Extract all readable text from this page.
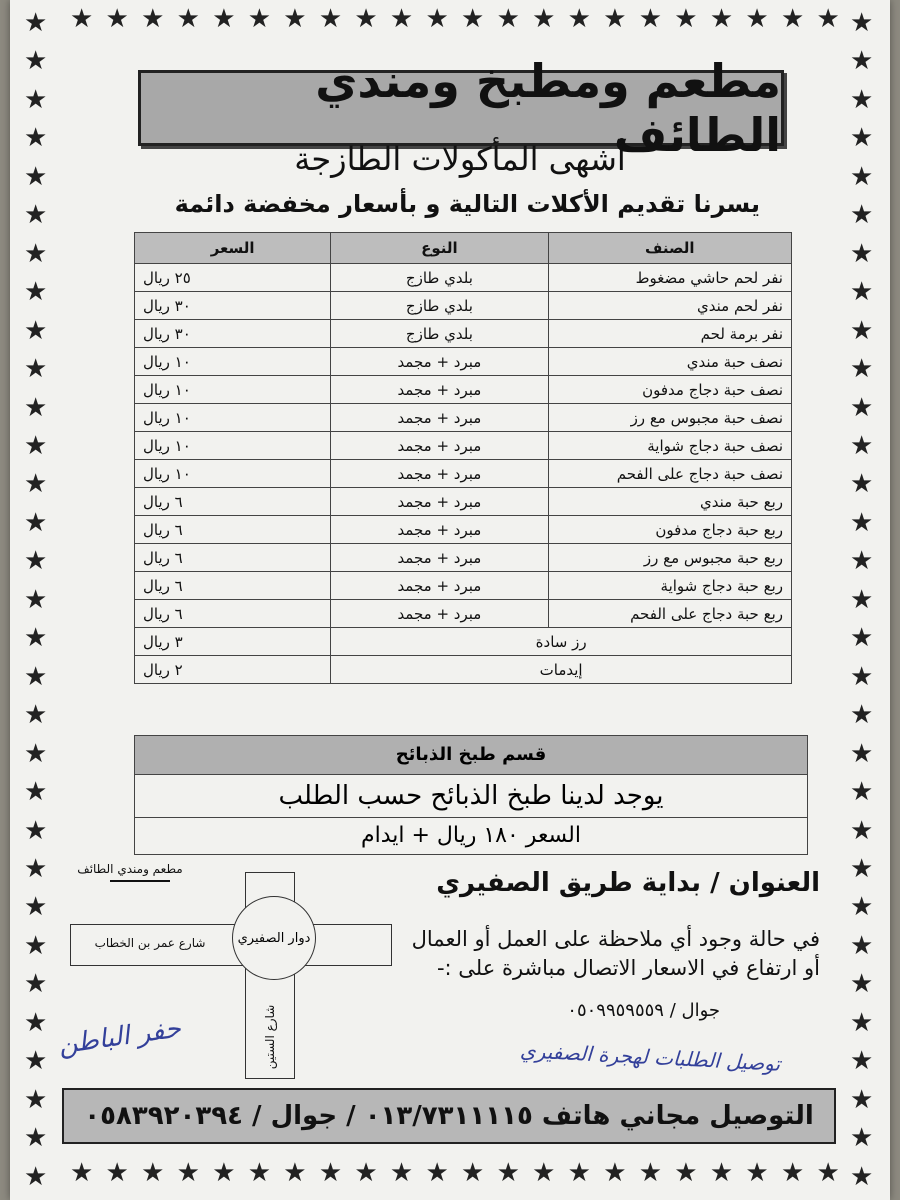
★ ★ ★ ★ ★ ★ ★ ★ ★ ★ ★ ★ ★ ★ ★ ★ ★ ★ ★ ★ ★ ★
★
★
★
★
★
★
★
★
★
★
★
★
★
★
★
★
★
★
★
★
★
★
★
★
★
★
★
★
★
★
★
★
★
★
★
★
★
★
★
★
★
★
★
★
★
★
★
★
★
★
★
★
★
★
★
★
★
★
★
★
★
★
★ ★ ★ ★ ★ ★ ★ ★ ★ ★ ★ ★ ★ ★ ★ ★ ★ ★ ★ ★ ★ ★
مطعم ومطبخ ومندي الطائف
أشهى المأكولات الطازجة
يسرنا تقديم الأكلات التالية و بأسعار مخفضة دائمة
الصنف	النوع	السعر
نفر لحم حاشي مضغوط	بلدي طازج	٢٥ ريال
نفر لحم مندي	بلدي طازج	٣٠ ريال
نفر برمة لحم	بلدي طازج	٣٠ ريال
نصف حبة مندي	مبرد + مجمد	١٠ ريال
نصف حبة دجاج مدفون	مبرد + مجمد	١٠ ريال
نصف حبة مجبوس مع رز	مبرد + مجمد	١٠ ريال
نصف حبة دجاج شواية	مبرد + مجمد	١٠ ريال
نصف حبة دجاج على الفحم	مبرد + مجمد	١٠ ريال
ربع حبة مندي	مبرد + مجمد	٦ ريال
ربع حبة دجاج مدفون	مبرد + مجمد	٦ ريال
ربع حبة مجبوس مع رز	مبرد + مجمد	٦ ريال
ربع حبة دجاج شواية	مبرد + مجمد	٦ ريال
ربع حبة دجاج على الفحم	مبرد + مجمد	٦ ريال
رز سادة		٣ ريال
إيدمات		٢ ريال
قسم طبخ الذبائح
يوجد لدينا طبخ الذبائح حسب الطلب
السعر ١٨٠ ريال + ايدام
دوار الصفيري
مطعم ومندي الطائف
شارع عمر بن الخطاب
شارع الستين
العنوان / بداية طريق الصفيري
في حالة وجود أي ملاحظة على العمل أو العمال أو ارتفاع في الاسعار الاتصال مباشرة على :-
جوال / ٠٥٠٩٩٥٩٥٥٩
حفر الباطن	توصيل الطلبات لهجرة الصفيري
التوصيل مجاني هاتف ٠١٣/٧٣١١١١٥ / جوال / ٠٥٨٣٩٢٠٣٩٤
